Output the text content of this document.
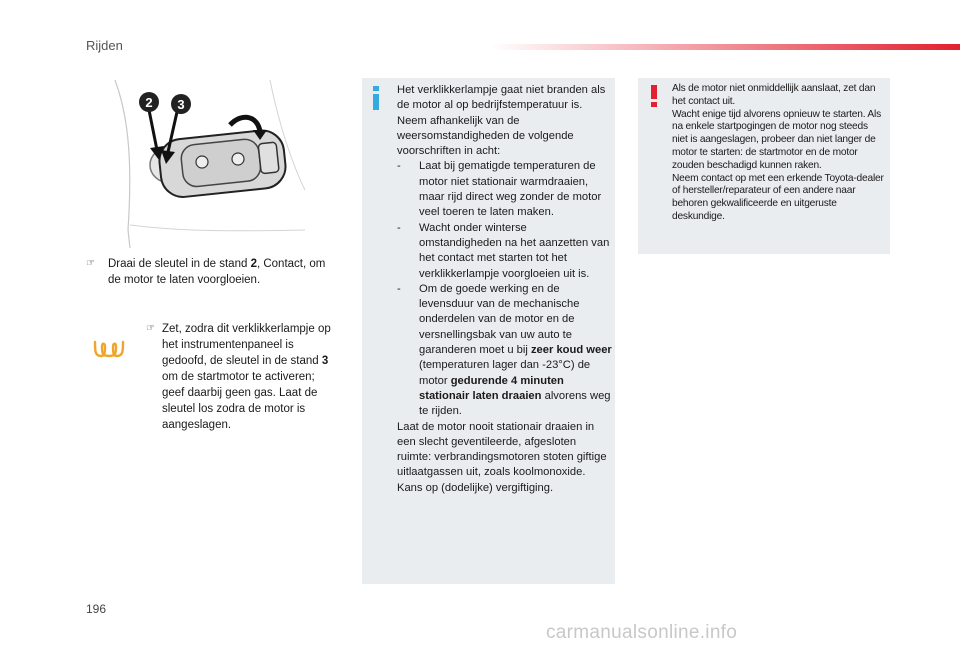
Rijden
2 3
☞ Draai de sleutel in de stand 2, Contact, om de motor te laten voorgloeien.
☞ Zet, zodra dit verklikkerlampje op het instrumentenpaneel is gedoofd, de sleutel in de stand 3 om de startmotor te activeren; geef daarbij geen gas. Laat de sleutel los zodra de motor is aangeslagen.

Het verklikkerlampje gaat niet branden als de motor al op bedrijfstemperatuur is. Neem afhankelijk van de weersomstandigheden de volgende voorschriften in acht:

- Laat bij gematigde temperaturen de motor niet stationair warmdraaien, maar rijd direct weg zonder de motor veel toeren te laten maken.
- Wacht onder winterse omstandigheden na het aanzetten van het contact met starten tot het verklikkerlampje voorgloeien uit is.
- Om de goede werking en de levensduur van de mechanische onderdelen van de motor en de versnellingsbak van uw auto te garanderen moet u bij zeer koud weer (temperaturen lager dan -23°C) de motor gedurende 4 minuten stationair laten draaien alvorens weg te rijden.

Laat de motor nooit stationair draaien in een slecht geventileerde, afgesloten ruimte: verbrandingsmotoren stoten giftige uitlaatgassen uit, zoals koolmonoxide. Kans op (dodelijke) vergiftiging.

Als de motor niet onmiddellijk aanslaat, zet dan het contact uit.

Wacht enige tijd alvorens opnieuw te starten. Als na enkele startpogingen de motor nog steeds niet is aangeslagen, probeer dan niet langer de motor te starten: de startmotor en de motor zouden beschadigd kunnen raken.

Neem contact op met een erkende Toyota-dealer of hersteller/reparateur of een andere naar behoren gekwalificeerde en uitgeruste deskundige.

196
carmanualsonline.info
